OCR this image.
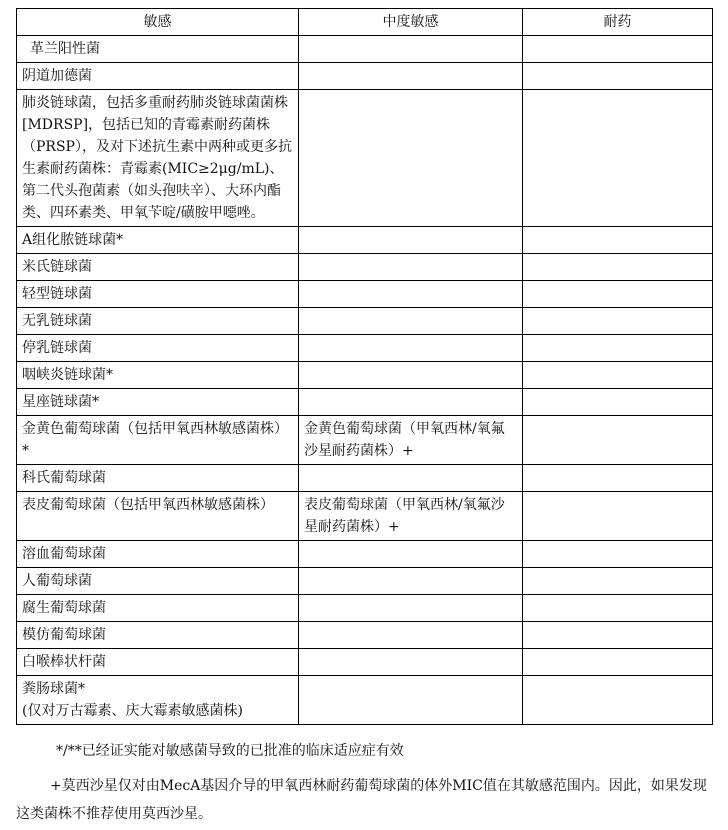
敏感	中度敏感	耐药
革兰阳性菌		
阴道加德菌		
肺炎链球菌，包括多重耐药肺炎链球菌菌株[MDRSP]，包括已知的青霉素耐药菌株（PRSP），及对下述抗生素中两种或更多抗生素耐药菌株：青霉素(MIC≥2μg/mL)、第二代头孢菌素（如头孢呋辛）、大环内酯类、四环素类、甲氧苄啶/磺胺甲噁唑。		
A组化脓链球菌*		
米氏链球菌		
轻型链球菌		
无乳链球菌		
停乳链球菌		
咽峡炎链球菌*		
星座链球菌*		
金黄色葡萄球菌（包括甲氧西林敏感菌株）*	金黄色葡萄球菌（甲氧西林/氧氟沙星耐药菌株）+	
科氏葡萄球菌		
表皮葡萄球菌（包括甲氧西林敏感菌株）	表皮葡萄球菌（甲氧西林/氧氟沙星耐药菌株）+	
溶血葡萄球菌		
人葡萄球菌		
腐生葡萄球菌		
模仿葡萄球菌		
白喉棒状杆菌		
粪肠球菌*
(仅对万古霉素、庆大霉素敏感菌株)		
*/**已经证实能对敏感菌导致的已批准的临床适应症有效
+莫西沙星仅对由MecA基因介导的甲氧西林耐药葡萄球菌的体外MIC值在其敏感范围内。因此，如果发现这类菌株不推荐使用莫西沙星。
